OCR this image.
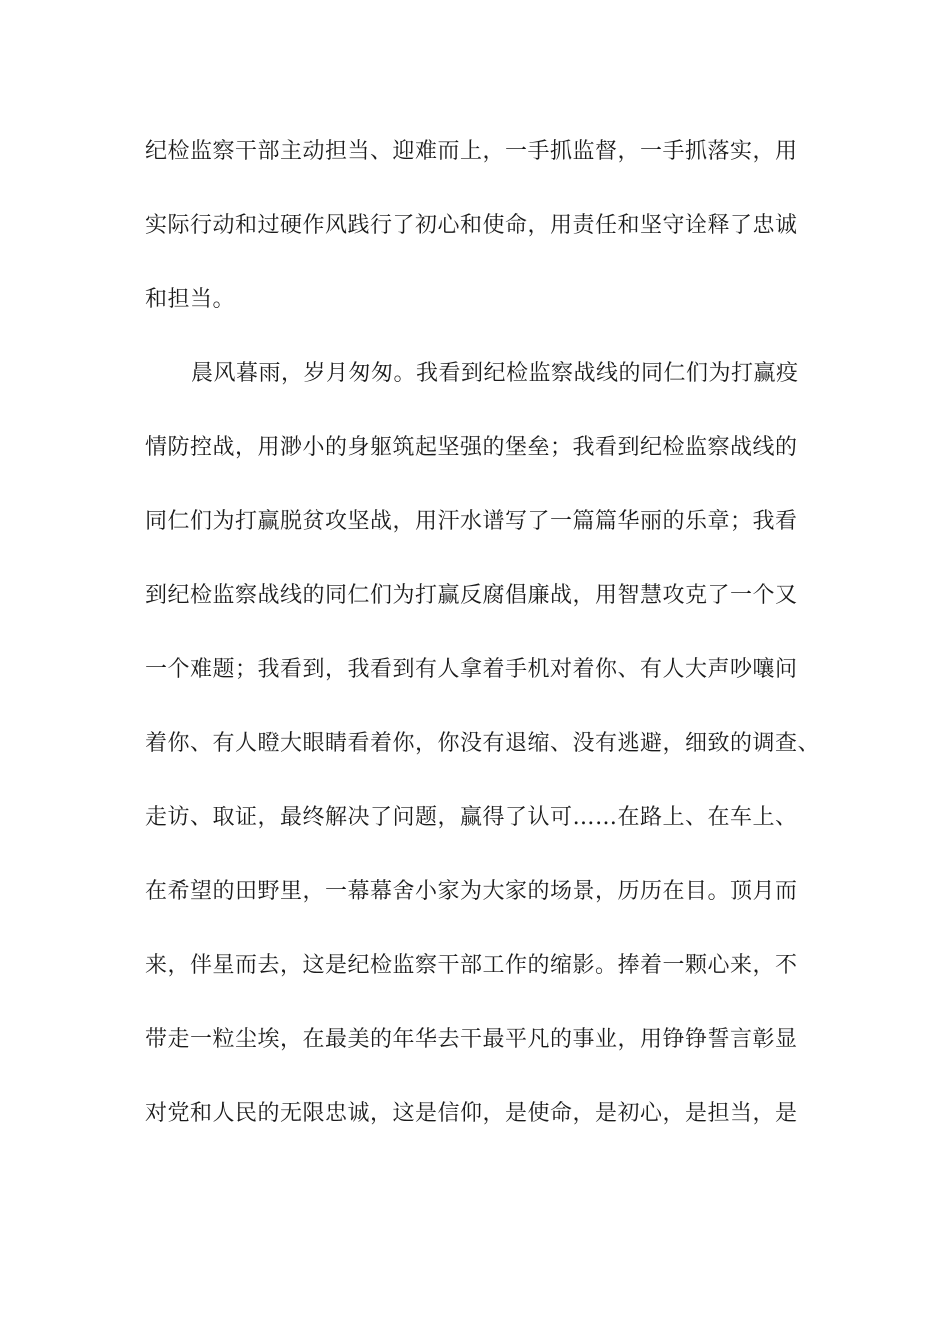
纪检监察干部主动担当、迎难而上，一手抓监督，一手抓落实，用
实际行动和过硬作风践行了初心和使命，用责任和坚守诠释了忠诚
和担当。
晨风暮雨，岁月匆匆。我看到纪检监察战线的同仁们为打赢疫
情防控战，用渺小的身躯筑起坚强的堡垒；我看到纪检监察战线的
同仁们为打赢脱贫攻坚战，用汗水谱写了一篇篇华丽的乐章；我看
到纪检监察战线的同仁们为打赢反腐倡廉战，用智慧攻克了一个又
一个难题；我看到，我看到有人拿着手机对着你、有人大声吵嚷问
着你、有人瞪大眼睛看着你，你没有退缩、没有逃避，细致的调查、
走访、取证，最终解决了问题，赢得了认可……在路上、在车上、
在希望的田野里，一幕幕舍小家为大家的场景，历历在目。顶月而
来，伴星而去，这是纪检监察干部工作的缩影。捧着一颗心来，不
带走一粒尘埃，在最美的年华去干最平凡的事业，用铮铮誓言彰显
对党和人民的无限忠诚，这是信仰，是使命，是初心，是担当，是
